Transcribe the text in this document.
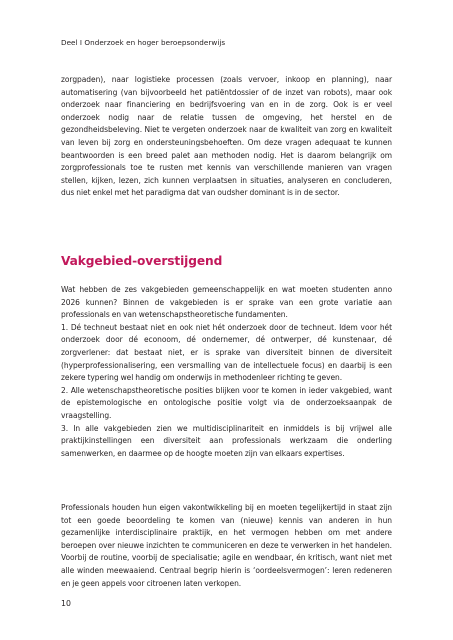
Deel I Onderzoek en hoger beroepsonderwijs

zorgpaden), naar logistieke processen (zoals vervoer, inkoop en planning), naar automatisering (van bijvoorbeeld het patiëntdossier of de inzet van robots), maar ook onderzoek naar financiering en bedrijfsvoering van en in de zorg. Ook is er veel onderzoek nodig naar de relatie tussen de omgeving, het herstel en de gezondheidsbeleving. Niet te vergeten onderzoek naar de kwaliteit van zorg en kwaliteit van leven bij zorg en ondersteuningsbehoeften. Om deze vragen adequaat te kunnen beantwoorden is een breed palet aan methoden nodig. Het is daarom belangrijk om zorgprofessionals toe te rusten met kennis van verschillende manieren van vragen stellen, kijken, lezen, zich kunnen verplaatsen in situaties, analyseren en concluderen, dus niet enkel met het paradigma dat van oudsher dominant is in de sector.

Vakgebied-overstijgend

Wat hebben de zes vakgebieden gemeenschappelijk en wat moeten studenten anno 2026 kunnen? Binnen de vakgebieden is er sprake van een grote variatie aan professionals en van wetenschapstheoretische fundamenten.

1. Dé techneut bestaat niet en ook niet hét onderzoek door de techneut. Idem voor hét onderzoek door dé econoom, dé ondernemer, dé ontwerper, dé kunstenaar, dé zorgverlener: dat bestaat niet, er is sprake van diversiteit binnen de diversiteit (hyperprofessionalisering, een versmalling van de intellectuele focus) en daarbij is een zekere typering wel handig om onderwijs in methodenleer richting te geven.

2. Alle wetenschapstheoretische posities blijken voor te komen in ieder vakgebied, want de epistemologische en ontologische positie volgt via de onderzoeksaanpak de vraagstelling.

3. In alle vakgebieden zien we multidisciplinariteit en inmiddels is bij vrijwel alle praktijkinstellingen een diversiteit aan professionals werkzaam die onderling samenwerken, en daarmee op de hoogte moeten zijn van elkaars expertises.

Professionals houden hun eigen vakontwikkeling bij en moeten tegelijkertijd in staat zijn tot een goede beoordeling te komen van (nieuwe) kennis van anderen in hun gezamenlijke interdisciplinaire praktijk, en het vermogen hebben om met andere beroepen over nieuwe inzichten te communiceren en deze te verwerken in het handelen. Voorbij de routine, voorbij de specialisatie; agile en wendbaar, én kritisch, want niet met alle winden meewaaiend. Centraal begrip hierin is ‘oordeelsvermogen’: leren redeneren en je geen appels voor citroenen laten verkopen.

10
